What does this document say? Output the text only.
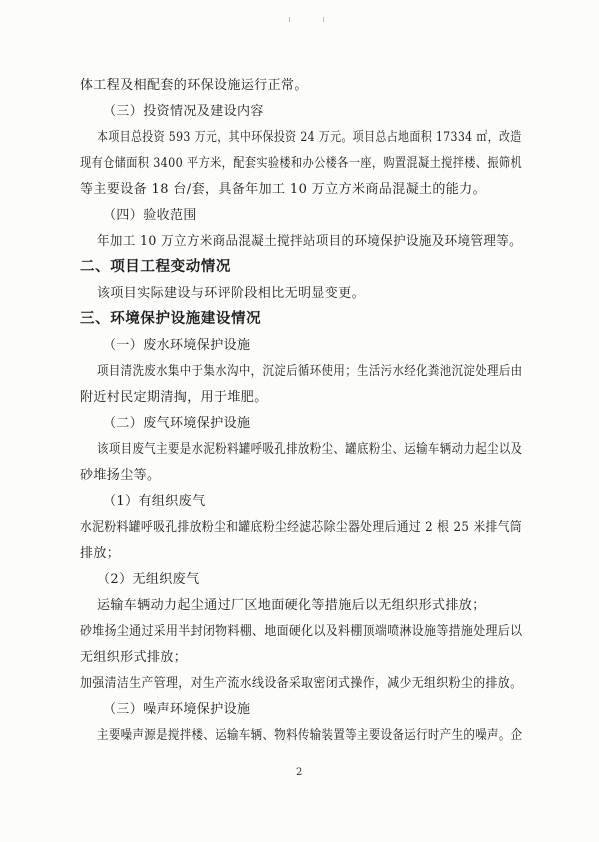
体工程及相配套的环保设施运行正常。
（三）投资情况及建设内容
本项目总投资 593 万元，其中环保投资 24 万元。项目总占地面积 17334 ㎡，改造
现有仓储面积 3400 平方米，配套实验楼和办公楼各一座，购置混凝土搅拌楼、振筛机
等主要设备 18 台/套，具备年加工 10 万立方米商品混凝土的能力。
（四）验收范围
年加工 10 万立方米商品混凝土搅拌站项目的环境保护设施及环境管理等。
二、项目工程变动情况
该项目实际建设与环评阶段相比无明显变更。
三、环境保护设施建设情况
（一）废水环境保护设施
项目清洗废水集中于集水沟中，沉淀后循环使用；生活污水经化粪池沉淀处理后由
附近村民定期清掏，用于堆肥。
（二）废气环境保护设施
该项目废气主要是水泥粉料罐呼吸孔排放粉尘、罐底粉尘、运输车辆动力起尘以及
砂堆扬尘等。
（1）有组织废气
水泥粉料罐呼吸孔排放粉尘和罐底粉尘经滤芯除尘器处理后通过 2 根 25 米排气筒
排放；
（2）无组织废气
运输车辆动力起尘通过厂区地面硬化等措施后以无组织形式排放；
砂堆扬尘通过采用半封闭物料棚、地面硬化以及料棚顶端喷淋设施等措施处理后以
无组织形式排放；
加强清洁生产管理，对生产流水线设备采取密闭式操作，减少无组织粉尘的排放。
（三）噪声环境保护设施
主要噪声源是搅拌楼、运输车辆、物料传输装置等主要设备运行时产生的噪声。企
2
